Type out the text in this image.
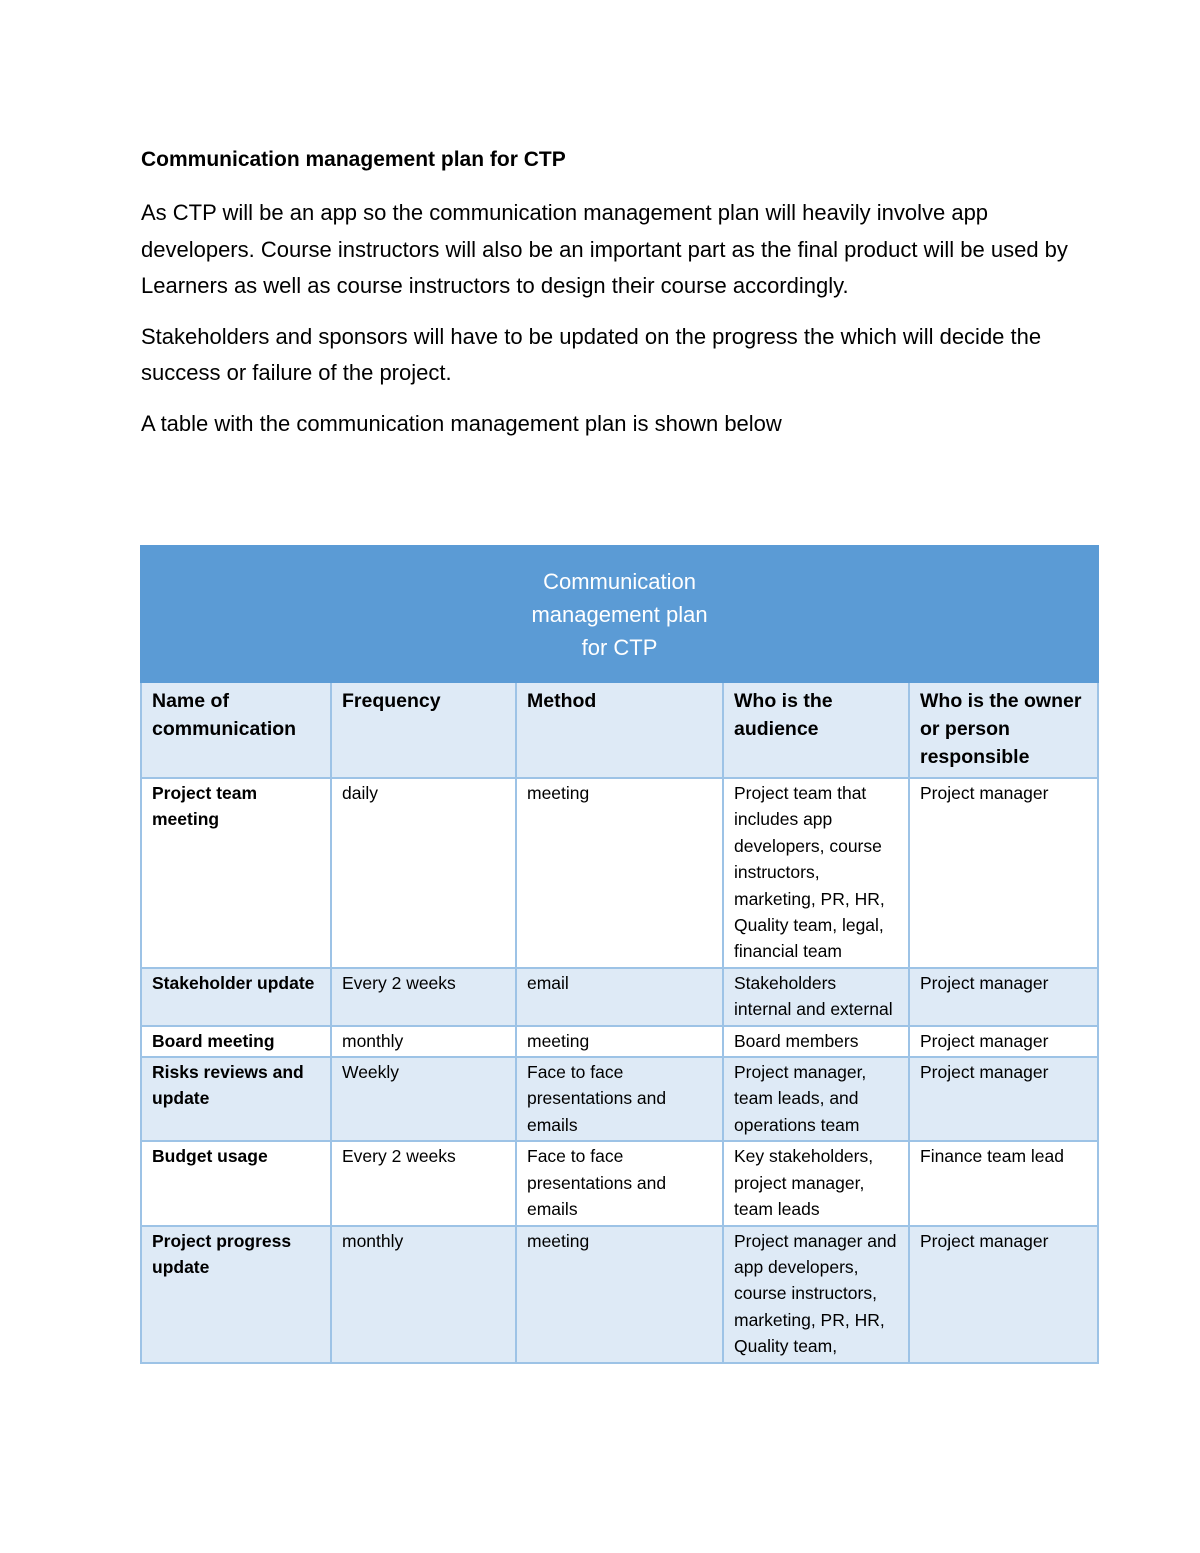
Communication management plan for CTP

As CTP will be an app so the communication management plan will heavily involve app developers. Course instructors will also be an important part as the final product will be used by Learners as well as course instructors to design their course accordingly.

Stakeholders and sponsors will have to be updated on the progress the which will decide the success or failure of the project.

A table with the communication management plan is shown below

Communication management plan for CTP				
Name of communication	Frequency	Method	Who is the audience	Who is the owner or person responsible
Project team meeting	daily	meeting	Project team that includes app developers, course instructors, marketing, PR, HR, Quality team, legal, financial team	Project manager
Stakeholder update	Every 2 weeks	email	Stakeholders internal and external	Project manager
Board meeting	monthly	meeting	Board members	Project manager
Risks reviews and update	Weekly	Face to face presentations and emails	Project manager, team leads, and operations team	Project manager
Budget usage	Every 2 weeks	Face to face presentations and emails	Key stakeholders, project manager, team leads	Finance team lead
Project progress update	monthly	meeting	Project manager and app developers, course instructors, marketing, PR, HR, Quality team,	Project manager
